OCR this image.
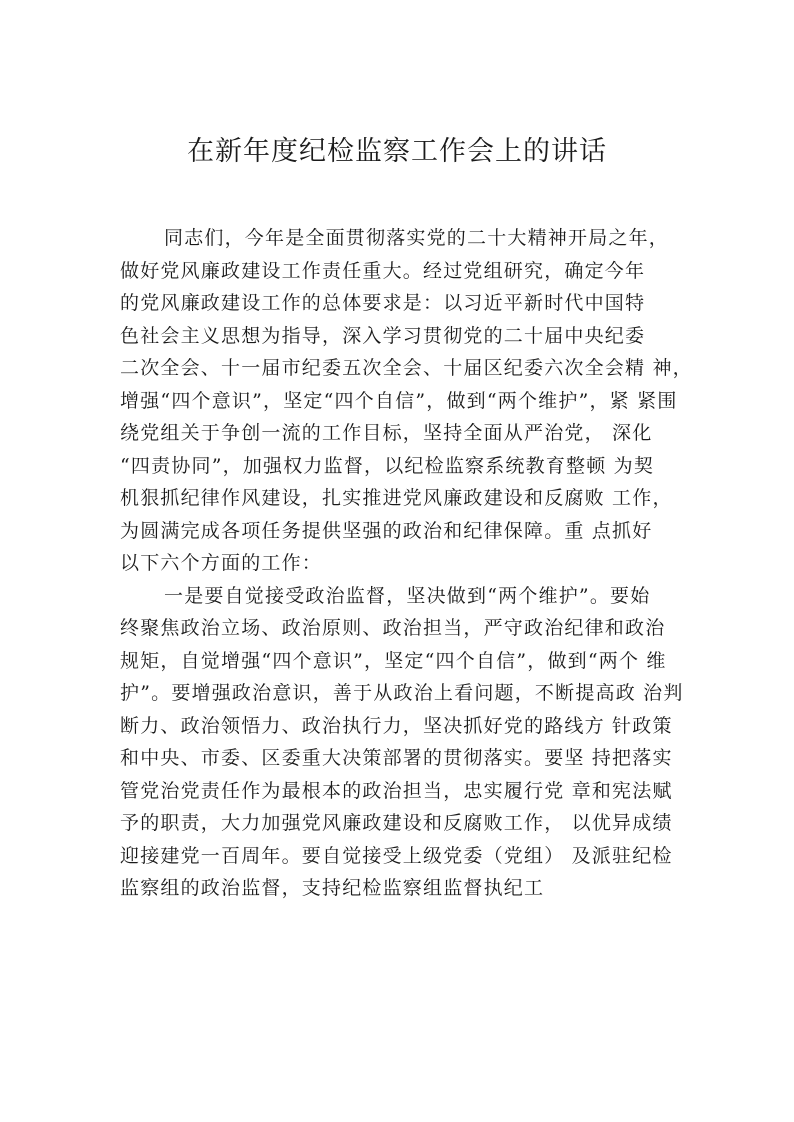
在新年度纪检监察工作会上的讲话
同志们，今年是全面贯彻落实党的二十大精神开局之年，
做好党风廉政建设工作责任重大。经过党组研究，确定今年
的党风廉政建设工作的总体要求是：以习近平新时代中国特
色社会主义思想为指导，深入学习贯彻党的二十届中央纪委
二次全会、十一届市纪委五次全会、十届区纪委六次全会精 神，
增强“四个意识”，坚定“四个自信”，做到“两个维护”，紧 紧围
绕党组关于争创一流的工作目标，坚持全面从严治党， 深化
“四责协同”，加强权力监督，以纪检监察系统教育整顿 为契
机狠抓纪律作风建设，扎实推进党风廉政建设和反腐败 工作，
为圆满完成各项任务提供坚强的政治和纪律保障。重 点抓好
以下六个方面的工作：
一是要自觉接受政治监督，坚决做到“两个维护”。要始
终聚焦政治立场、政治原则、政治担当，严守政治纪律和政治
规矩，自觉增强“四个意识”，坚定“四个自信”，做到“两个 维
护”。要增强政治意识，善于从政治上看问题，不断提高政 治判
断力、政治领悟力、政治执行力，坚决抓好党的路线方 针政策
和中央、市委、区委重大决策部署的贯彻落实。要坚 持把落实
管党治党责任作为最根本的政治担当，忠实履行党 章和宪法赋
予的职责，大力加强党风廉政建设和反腐败工作， 以优异成绩
迎接建党一百周年。要自觉接受上级党委（党组） 及派驻纪检
监察组的政治监督，支持纪检监察组监督执纪工
